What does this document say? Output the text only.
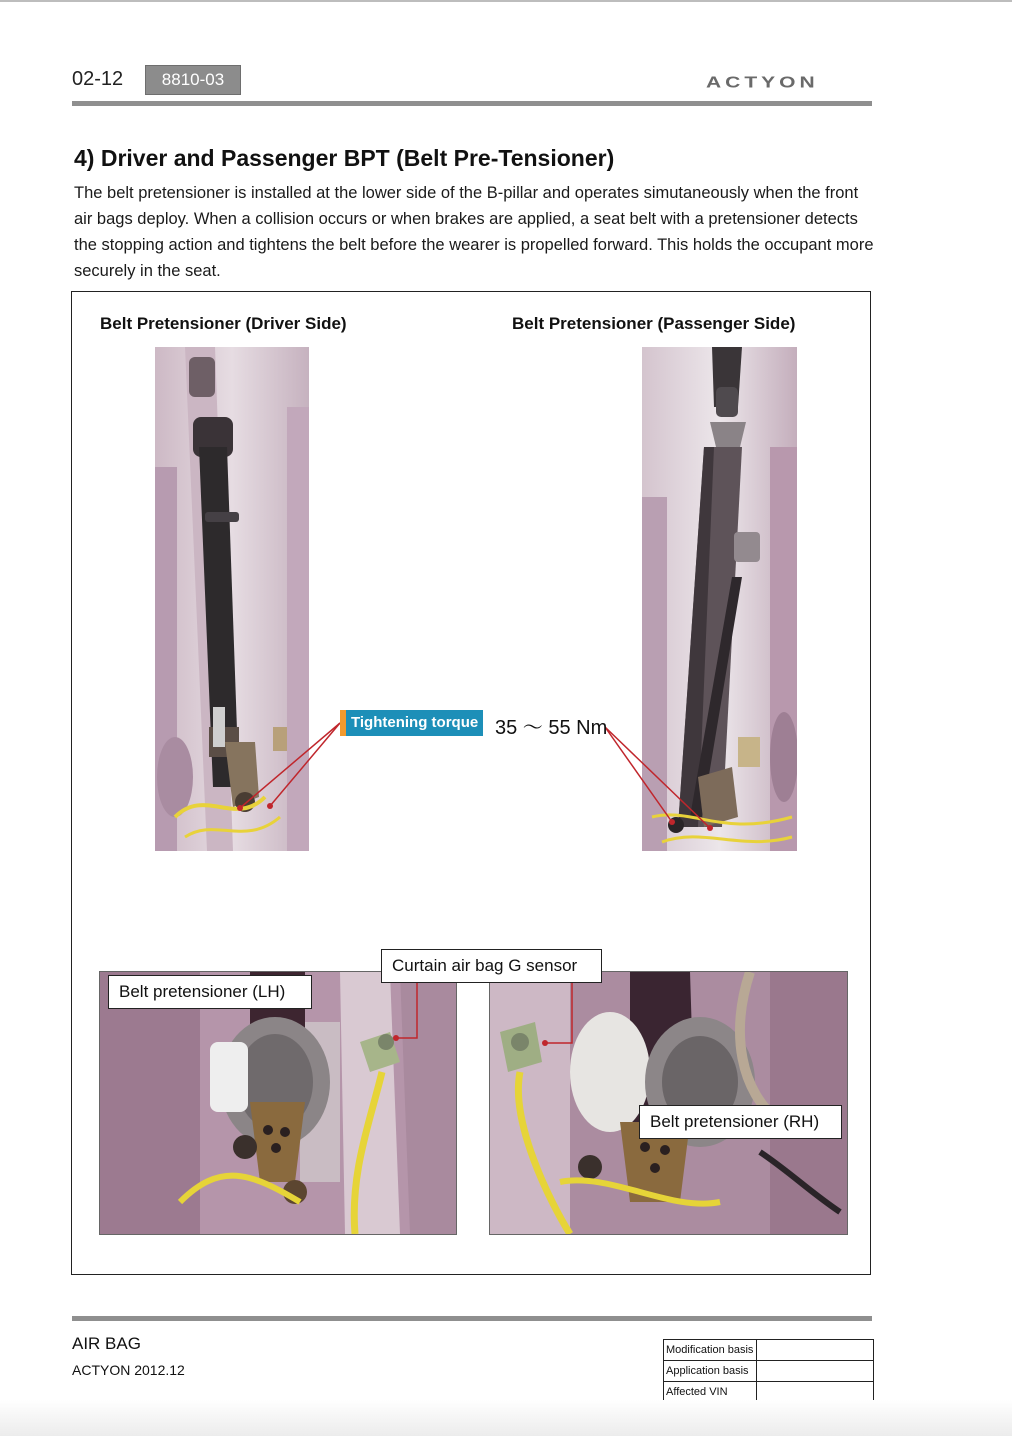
02-12	8810-03	ACTYON
4) Driver and Passenger BPT (Belt Pre-Tensioner)
The belt pretensioner is installed at the lower side of the B-pillar and operates simutaneously when the front air bags deploy. When a collision occurs or when brakes are applied, a seat belt with a pretensioner detects the stopping action and tightens the belt before the wearer is propelled forward. This holds the occupant more securely in the seat.
Belt Pretensioner (Driver Side)	Belt Pretensioner (Passenger Side)
Tightening torque 35 ～ 55 Nm
Belt pretensioner (LH)
Curtain air bag G sensor
Belt pretensioner (RH)
AIR BAG
ACTYON 2012.12
Modification basis	
Application basis	
Affected VIN	
